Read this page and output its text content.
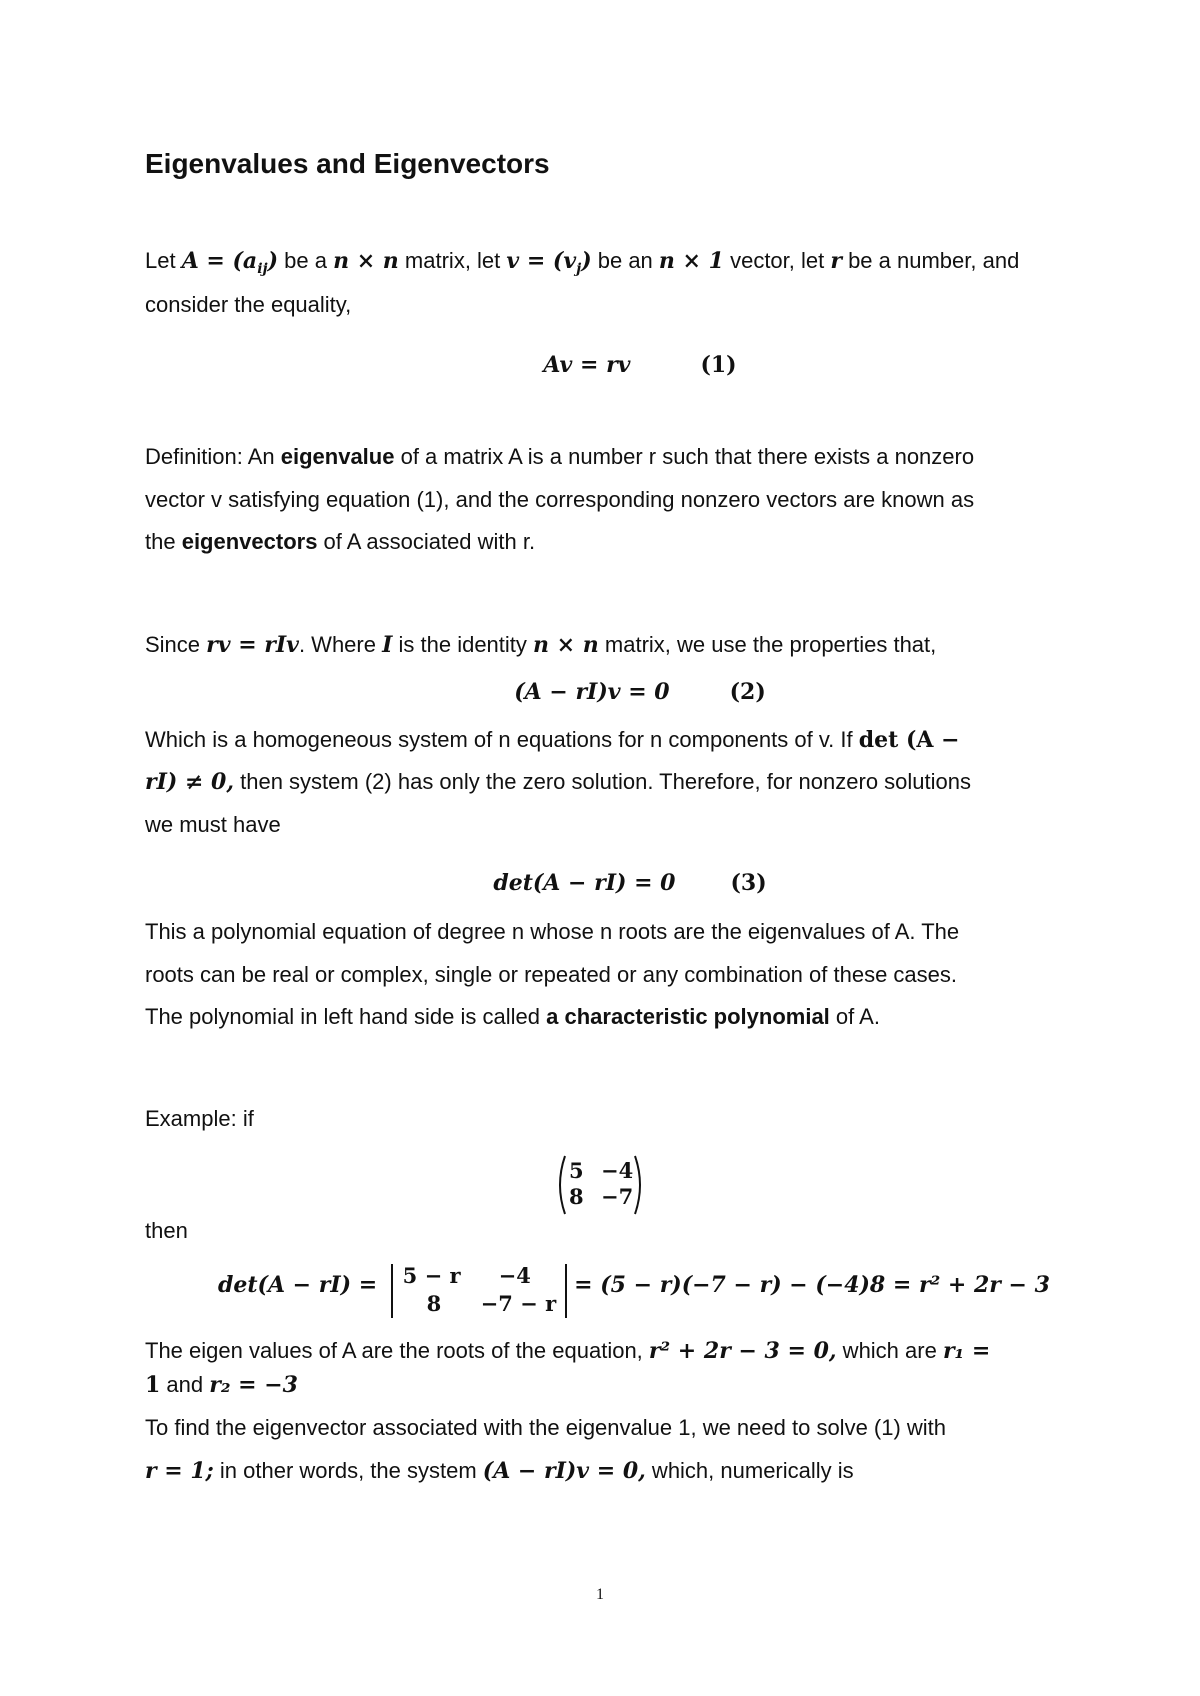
Eigenvalues and Eigenvectors
Let $A = (a_{ij})$ be a n × n matrix, let $v = (v_j)$ be an n × 1 vector, let r be a number, and
consider the equality,
Av = rv	(1)
Definition: An eigenvalue of a matrix A is a number r such that there exists a nonzero
vector v satisfying equation (1), and the corresponding nonzero vectors are known as
the eigenvectors of A associated with r.
Since rv = rIv. Where I is the identity n × n matrix, we use the properties that,
(A − rI)v = 0	(2)
Which is a homogeneous system of n equations for n components of v. If det (A −
rI) ≠ 0, then system (2) has only the zero solution. Therefore, for nonzero solutions
we must have
det(A − rI) = 0	(3)
This a polynomial equation of degree n whose n roots are the eigenvalues of A. The
roots can be real or complex, single or repeated or any combination of these cases.
The polynomial in left hand side is called a characteristic polynomial of A.
Example: if
5 −4
8 −7
then
det(A − rI) = 5 − r −4
8 −7 − r
= (5 − r)(−7 − r) − (−4)8 = r² + 2r − 3
The eigen values of A are the roots of the equation, r² + 2r − 3 = 0, which are r₁ =
1 and r₂ = −3
To find the eigenvector associated with the eigenvalue 1, we need to solve (1) with
r = 1; in other words, the system (A − rI)v = 0, which, numerically is
1
